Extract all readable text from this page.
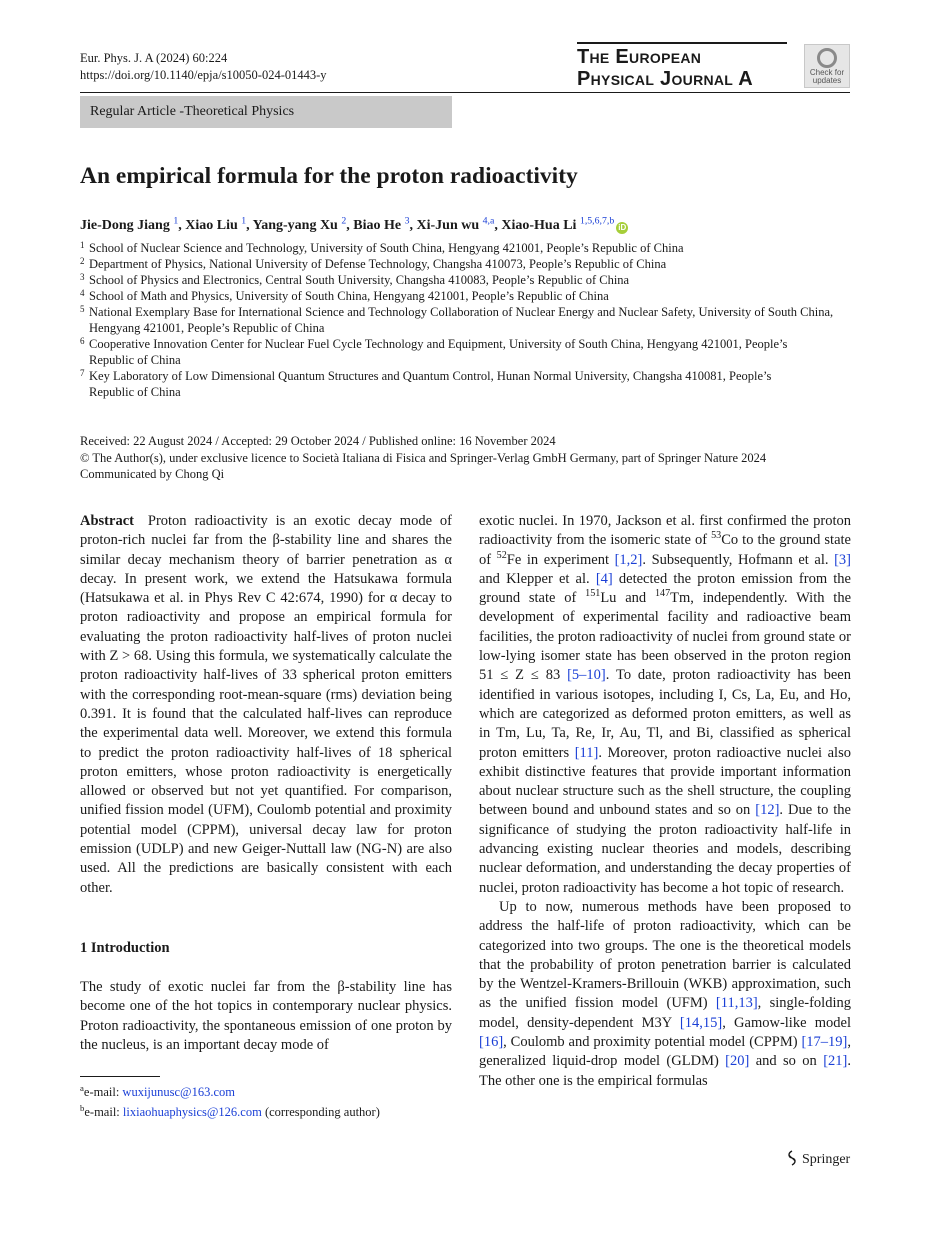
Eur. Phys. J. A (2024) 60:224
https://doi.org/10.1140/epja/s10050-024-01443-y
The European
Physical Journal A	Check for
updates
Regular Article -Theoretical Physics
An empirical formula for the proton radioactivity
Jie-Dong Jiang $^1$, Xiao Liu $^1$, Yang-yang Xu $^2$, Biao He $^3$, Xi-Jun wu $^{4,a}$, Xiao-Hua Li $^{1,5,6,7,b}$iD
1 School of Nuclear Science and Technology, University of South China, Hengyang 421001, People’s Republic of China
2 Department of Physics, National University of Defense Technology, Changsha 410073, People’s Republic of China
3 School of Physics and Electronics, Central South University, Changsha 410083, People’s Republic of China
4 School of Math and Physics, University of South China, Hengyang 421001, People’s Republic of China
5 National Exemplary Base for International Science and Technology Collaboration of Nuclear Energy and Nuclear Safety, University of South China, Hengyang 421001, People’s Republic of China
6 Cooperative Innovation Center for Nuclear Fuel Cycle Technology and Equipment, University of South China, Hengyang 421001, People’s Republic of China
7 Key Laboratory of Low Dimensional Quantum Structures and Quantum Control, Hunan Normal University, Changsha 410081, People’s Republic of China
Received: 22 August 2024 / Accepted: 29 October 2024 / Published online: 16 November 2024
© The Author(s), under exclusive licence to Società Italiana di Fisica and Springer-Verlag GmbH Germany, part of Springer Nature 2024
Communicated by Chong Qi

Abstract Proton radioactivity is an exotic decay mode of proton-rich nuclei far from the β-stability line and shares the similar decay mechanism theory of barrier penetration as α decay. In present work, we extend the Hatsukawa formula (Hatsukawa et al. in Phys Rev C 42:674, 1990) for α decay to proton radioactivity and propose an empirical formula for evaluating the proton radioactivity half-lives of proton nuclei with Z > 68. Using this formula, we systematically calculate the proton radioactivity half-lives of 33 spherical proton emitters with the corresponding root-mean-square (rms) deviation being 0.391. It is found that the calculated half-lives can reproduce the experimental data well. Moreover, we extend this formula to predict the proton radioactivity half-lives of 18 spherical proton emitters, whose proton radioactivity is energetically allowed or observed but not yet quantified. For comparison, unified fission model (UFM), Coulomb potential and proximity potential model (CPPM), universal decay law for proton emission (UDLP) and new Geiger-Nuttall law (NG-N) are also used. All the predictions are basically consistent with each other.

1 Introduction

The study of exotic nuclei far from the β-stability line has become one of the hot topics in contemporary nuclear physics. Proton radioactivity, the spontaneous emission of one proton by the nucleus, is an important decay mode of

exotic nuclei. In 1970, Jackson et al. first confirmed the proton radioactivity from the isomeric state of $^{53}$Co to the ground state of $^{52}$Fe in experiment [1,2]. Subsequently, Hofmann et al. [3] and Klepper et al. [4] detected the proton emission from the ground state of $^{151}$Lu and $^{147}$Tm, independently. With the development of experimental facility and radioactive beam facilities, the proton radioactivity of nuclei from ground state or low-lying isomer state has been observed in the proton region 51 ≤ Z ≤ 83 [5–10]. To date, proton radioactivity has been identified in various isotopes, including I, Cs, La, Eu, and Ho, which are categorized as deformed proton emitters, as well as in Tm, Lu, Ta, Re, Ir, Au, Tl, and Bi, classified as spherical proton emitters [11]. Moreover, proton radioactive nuclei also exhibit distinctive features that provide important information about nuclear structure such as the shell structure, the coupling between bound and unbound states and so on [12]. Due to the significance of studying the proton radioactivity half-life in advancing existing nuclear theories and models, describing nuclear deformation, and understanding the decay properties of nuclei, proton radioactivity has become a hot topic of research.

Up to now, numerous methods have been proposed to address the half-life of proton radioactivity, which can be categorized into two groups. The one is the theoretical models that the probability of proton penetration barrier is calculated by the Wentzel-Kramers-Brillouin (WKB) approximation, such as the unified fission model (UFM) [11,13], single-folding model, density-dependent M3Y [14,15], Gamow-like model [16], Coulomb and proximity potential model (CPPM) [17–19], generalized liquid-drop model (GLDM) [20] and so on [21]. The other one is the empirical formulas

$^a$e-mail: wuxijunusc@163.com
$^b$e-mail: lixiaohuaphysics@126.com (corresponding author)
Springer
